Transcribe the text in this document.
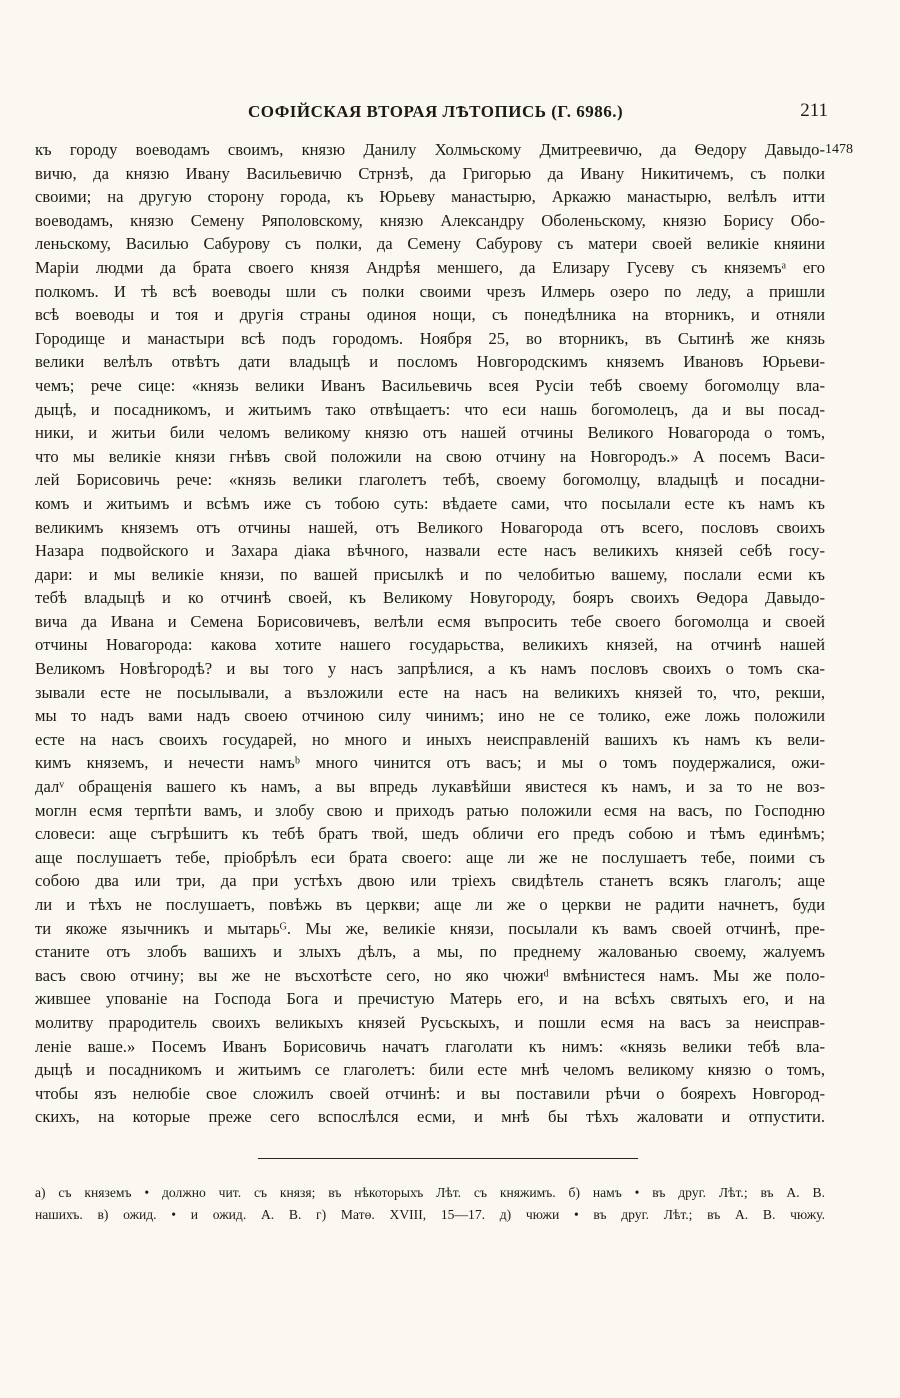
СОФІЙСКАЯ ВТОРАЯ ЛѢТОПИСЬ (Г. 6986.)	211
1478
къ городу воеводамъ своимъ, князю Данилу Холмьскому Дмитреевичю, да Ѳедору Давыдо-
вичю, да князю Ивану Васильевичю Стрнзѣ, да Григорью да Ивану Никитичемъ, съ полки
своими; на другую сторону города, къ Юрьеву манастырю, Аркажю манастырю, велѣлъ итти
воеводамъ, князю Семену Ряполовскому, князю Александру Оболеньскому, князю Борису Обо-
леньскому, Василью Сабурову съ полки, да Семену Сабурову съ матери своей великіе княини
Маріи людми да брата своего князя Андрѣя меншего, да Елизару Гусеву съ княземъᵃ его
полкомъ. И тѣ всѣ воеводы шли съ полки своими чрезъ Илмерь озеро по леду, а пришли
всѣ воеводы и тоя и другія страны одиноя нощи, съ понедѣлника на вторникъ, и отняли
Городище и манастыри всѣ подъ городомъ. Ноября 25, во вторникъ, въ Сытинѣ же князь
велики велѣлъ отвѣтъ дати владыцѣ и посломъ Новгородскимъ княземъ Ивановъ Юрьеви-
чемъ; рече сице: «князь велики Иванъ Васильевичь всея Русіи тебѣ своему богомолцу вла-
дыцѣ, и посадникомъ, и житьимъ тако отвѣщаетъ: что еси нашь богомолецъ, да и вы посад-
ники, и житьи били челомъ великому князю отъ нашей отчины Великого Новагорода о томъ,
что мы великіе князи гнѣвъ свой положили на свою отчину на Новгородъ.» А посемъ Васи-
лей Борисовичь рече: «князь велики глаголетъ тебѣ, своему богомолцу, владыцѣ и посадни-
комъ и житьимъ и всѣмъ иже съ тобою суть: вѣдаете сами, что посылали есте къ намъ къ
великимъ княземъ отъ отчины нашей, отъ Великого Новагорода отъ всего, пословъ своихъ
Назара подвойского и Захара діака вѣчного, назвали есте насъ великихъ князей себѣ госу-
дари: и мы великіе князи, по вашей присылкѣ и по челобитью вашему, послали есми къ
тебѣ владыцѣ и ко отчинѣ своей, къ Великому Новугороду, бояръ своихъ Ѳедора Давыдо-
вича да Ивана и Семена Борисовичевъ, велѣли есмя въпросить тебе своего богомолца и своей
отчины Новагорода: какова хотите нашего государьства, великихъ князей, на отчинѣ нашей
Великомъ Новѣгородѣ? и вы того у насъ запрѣлися, а къ намъ пословъ своихъ о томъ ска-
зывали есте не посылывали, а възложили есте на насъ на великихъ князей то, что, рекши,
мы то надъ вами надъ своею отчиною силу чинимъ; ино не се толико, еже ложь положили
есте на насъ своихъ государей, но много и иныхъ неисправленій вашихъ къ намъ къ вели-
кимъ княземъ, и нечести намъᵇ много чинится отъ васъ; и мы о томъ поудержалися, ожи-
далᵛ обращенія вашего къ намъ, а вы впредь лукавѣйши явистеся къ намъ, и за то не воз-
моглн есмя терпѣти вамъ, и злобу свою и приходъ ратью положили есмя на васъ, по Господню
словеси: аще съгрѣшитъ къ тебѣ братъ твой, шедъ обличи его предъ собою и тѣмъ единѣмъ;
аще послушаетъ тебе, пріобрѣлъ еси брата своего: аще ли же не послушаетъ тебе, поими съ
собою два или три, да при устѣхъ двою или тріехъ свидѣтель станетъ всякъ глаголъ; аще
ли и тѣхъ не послушаетъ, повѣжь въ церкви; аще ли же о церкви не радити начнетъ, буди
ти якоже язычникъ и мытарьᴳ. Мы же, великіе князи, посылали къ вамъ своей отчинѣ, пре-
станите отъ злобъ вашихъ и злыхъ дѣлъ, а мы, по преднему жалованью своему, жалуемъ
васъ свою отчину; вы же не въсхотѣсте сего, но яко чюжиᵈ вмѣнистеся намъ. Мы же поло-
жившее упованіе на Господа Бога и пречистую Матерь его, и на всѣхъ святыхъ его, и на
молитву прародитель своихъ великыхъ князей Русьскыхъ, и пошли есмя на васъ за неисправ-
леніе ваше.» Посемъ Иванъ Борисовичь начатъ глаголати къ нимъ: «князь велики тебѣ вла-
дыцѣ и посадникомъ и житьимъ се глаголетъ: били есте мнѣ челомъ великому князю о томъ,
чтобы язъ нелюбіе свое сложилъ своей отчинѣ: и вы поставили рѣчи о боярехъ Новгород-
скихъ, на которые преже сего вспослѣлся есми, и мнѣ бы тѣхъ жаловати и отпустити.
а) съ княземъ • должно чит. съ князя; въ нѣкоторыхъ Лѣт. съ княжимъ. б) намъ • въ друг. Лѣт.; въ А. В.
нашихъ. в) ожид. • и ожид. А. В. г) Матѳ. XVIII, 15—17. д) чюжи • въ друг. Лѣт.; въ А. В. чюжу.
